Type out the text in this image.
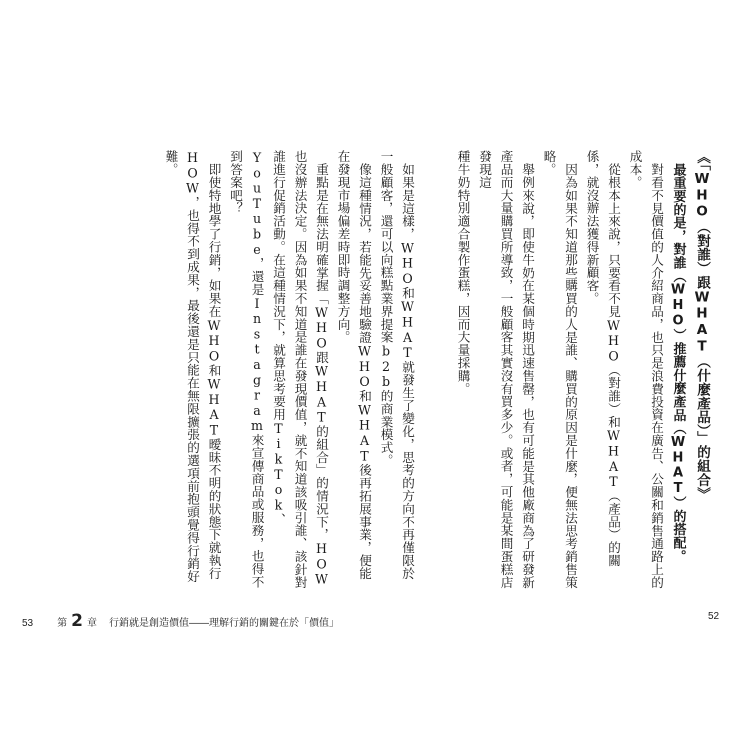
《「WHO（對誰）跟WHAT（什麼產品）」的組合》

最重要的是，對誰（WHO）推薦什麼產品（WHAT）的搭配。

對看不見價值的人介紹商品，也只是浪費投資在廣告、公關和銷售通路上的成本。

從根本上來說，只要看不見WHO（對誰）和WHAT（產品）的關係，就沒辦法獲得新顧客。

因為如果不知道那些購買的人是誰、購買的原因是什麼，便無法思考銷售策略。

舉例來說，即使牛奶在某個時期迅速售罄，也有可能是其他廠商為了研發新產品而大量購買所導致，一般顧客其實沒有買多少。或者，可能是某間蛋糕店發現這

種牛奶特別適合製作蛋糕，因而大量採購。

如果是這樣，WHO和WHAT就發生了變化，思考的方向不再僅限於一般顧客，還可以向糕點業界提案b2b的商業模式。

像這種情況，若能先妥善地驗證WHO和WHAT後再拓展事業，便能在發現市場偏差時即時調整方向。

重點是在無法明確掌握「WHO跟WHAT的組合」的情況下，HOW也沒辦法決定。因為如果不知道是誰在發現價值，就不知道該吸引誰、該針對誰進行促銷活動。在這種情況下，就算思考要用TikTok、YouTube，還是Instagram來宣傳商品或服務，也得不到答案吧？

即使特地學了行銷，如果在WHO和WHAT曖昧不明的狀態下就執行HOW，也得不到成果，最後還是只能在無限擴張的選項前抱頭覺得行銷好難。

53 第 2 章 行銷就是創造價值——理解行銷的關鍵在於「價值」
52
